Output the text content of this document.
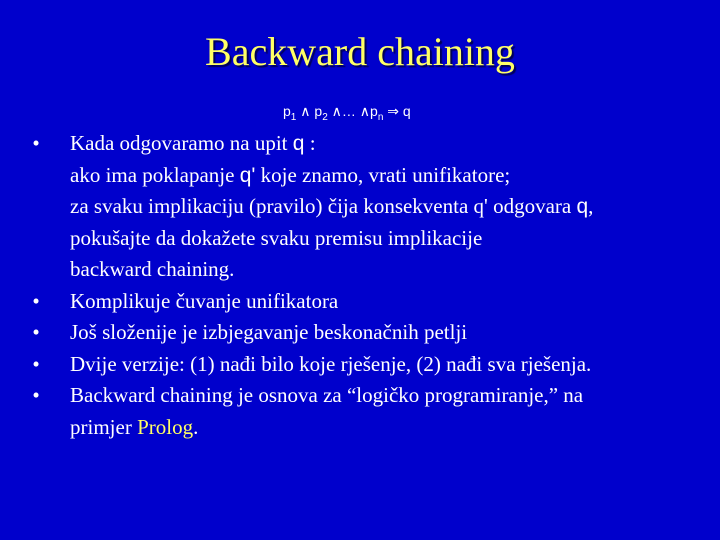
Backward chaining
$p_1$ ∧ $p_2$ ∧… $\wedge p_n$ ⇒ q
•	Kada odgovaramo na upit q :
ako ima poklapanje q' koje znamo, vrati unifikatore;
za svaku implikaciju (pravilo) čija konsekventa q' odgovara q,
pokušajte da dokažete svaku premisu implikacije
backward chaining.
•	Komplikuje čuvanje unifikatora
•	Još složenije je izbjegavanje beskonačnih petlji
•	Dvije verzije: (1) nađi bilo koje rješenje, (2) nađi sva rješenja.
•	Backward chaining je osnova za “logičko programiranje,” na
primjer Prolog.
